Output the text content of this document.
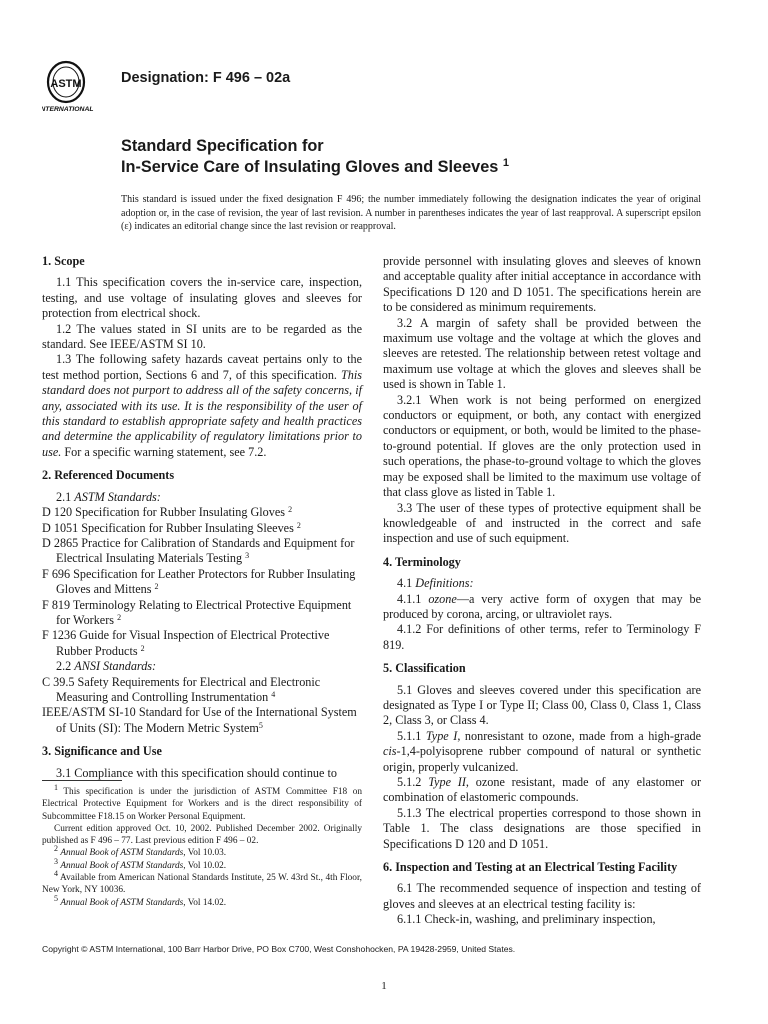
ASTM
INTERNATIONAL
Designation: F 496 – 02a
Standard Specification for
In-Service Care of Insulating Gloves and Sleeves $^1$
This standard is issued under the fixed designation F 496; the number immediately following the designation indicates the year of original adoption or, in the case of revision, the year of last revision. A number in parentheses indicates the year of last reapproval. A superscript epsilon (ε) indicates an editorial change since the last revision or reapproval.
1. Scope

1.1 This specification covers the in-service care, inspection, testing, and use voltage of insulating gloves and sleeves for protection from electrical shock.

1.2 The values stated in SI units are to be regarded as the standard. See IEEE/ASTM SI 10.

1.3 The following safety hazards caveat pertains only to the test method portion, Sections 6 and 7, of this specification. This standard does not purport to address all of the safety concerns, if any, associated with its use. It is the responsibility of the user of this standard to establish appropriate safety and health practices and determine the applicability of regulatory limitations prior to use. For a specific warning statement, see 7.2.

2. Referenced Documents

2.1 ASTM Standards:

D 120 Specification for Rubber Insulating Gloves $^2$

D 1051 Specification for Rubber Insulating Sleeves $^2$

D 2865 Practice for Calibration of Standards and Equipment for Electrical Insulating Materials Testing $^3$

F 696 Specification for Leather Protectors for Rubber Insulating Gloves and Mittens $^2$

F 819 Terminology Relating to Electrical Protective Equipment for Workers $^2$

F 1236 Guide for Visual Inspection of Electrical Protective Rubber Products $^2$

2.2 ANSI Standards:

C 39.5 Safety Requirements for Electrical and Electronic Measuring and Controlling Instrumentation $^4$

IEEE/ASTM SI-10 Standard for Use of the International System of Units (SI): The Modern Metric System$^5$

3. Significance and Use

3.1 Compliance with this specification should continue to

provide personnel with insulating gloves and sleeves of known and acceptable quality after initial acceptance in accordance with Specifications D 120 and D 1051. The specifications herein are to be considered as minimum requirements.

3.2 A margin of safety shall be provided between the maximum use voltage and the voltage at which the gloves and sleeves are retested. The relationship between retest voltage and maximum use voltage at which the gloves and sleeves shall be used is shown in Table 1.

3.2.1 When work is not being performed on energized conductors or equipment, or both, any contact with energized conductors or equipment, or both, would be limited to the phase-to-ground potential. If gloves are the only protection used in such operations, the phase-to-ground voltage to which the gloves may be exposed shall be limited to the maximum use voltage of that class glove as listed in Table 1.

3.3 The user of these types of protective equipment shall be knowledgeable of and instructed in the correct and safe inspection and use of such equipment.

4. Terminology

4.1 Definitions:

4.1.1 ozone—a very active form of oxygen that may be produced by corona, arcing, or ultraviolet rays.

4.1.2 For definitions of other terms, refer to Terminology F 819.

5. Classification

5.1 Gloves and sleeves covered under this specification are designated as Type I or Type II; Class 00, Class 0, Class 1, Class 2, Class 3, or Class 4.

5.1.1 Type I, nonresistant to ozone, made from a high-grade cis-1,4-polyisoprene rubber compound of natural or synthetic origin, properly vulcanized.

5.1.2 Type II, ozone resistant, made of any elastomer or combination of elastomeric compounds.

5.1.3 The electrical properties correspond to those shown in Table 1. The class designations are those specified in Specifications D 120 and D 1051.

6. Inspection and Testing at an Electrical Testing Facility

6.1 The recommended sequence of inspection and testing of gloves and sleeves at an electrical testing facility is:

6.1.1 Check-in, washing, and preliminary inspection,

$^1$ This specification is under the jurisdiction of ASTM Committee F18 on Electrical Protective Equipment for Workers and is the direct responsibility of Subcommittee F18.15 on Worker Personal Equipment.

Current edition approved Oct. 10, 2002. Published December 2002. Originally published as F 496 – 77. Last previous edition F 496 – 02.

$^2$ Annual Book of ASTM Standards, Vol 10.03.

$^3$ Annual Book of ASTM Standards, Vol 10.02.

$^4$ Available from American National Standards Institute, 25 W. 43rd St., 4th Floor, New York, NY 10036.

$^5$ Annual Book of ASTM Standards, Vol 14.02.

Copyright © ASTM International, 100 Barr Harbor Drive, PO Box C700, West Conshohocken, PA 19428-2959, United States.
1
